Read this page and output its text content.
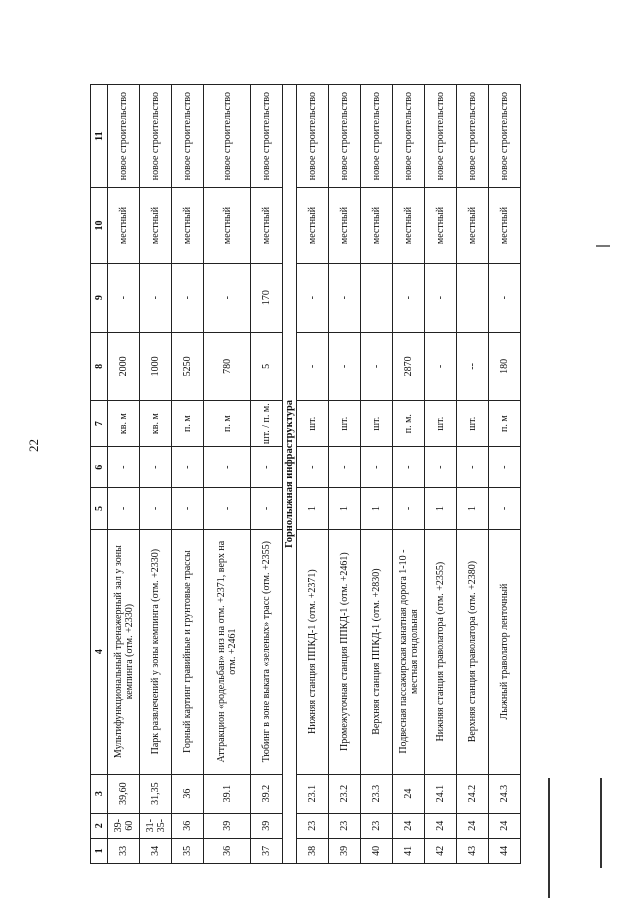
22
1	2	3	4	5	6	7	8	9	10	11
33	39-60	39,60	Мультифункциональный тренажерный зал у зоны кемпинга (отм. +2330)	-	-	кв. м	2000	-	местный	новое строительство
34	31-35-	31,35	Парк развлечений у зоны кемпинга (отм. +2330)	-	-	кв. м	1000	-	местный	новое строительство
35	36	36	Горный картинг гравийные и грунтовые трассы	-	-	п. м	5250	-	местный	новое строительство
36	39	39.1	Аттракцион «родельбан» низ на отм. +2371, верх на отм. +2461	-	-	п. м	780	-	местный	новое строительство
37	39	39.2	Тюбинг в зоне выката «зеленых» трасс (отм. +2355)	-	-	шт. / п. м.	5	170	местный	новое строительство
Горнолыжная инфраструктура										
38	23	23.1	Нижняя станция ППКД-1 (отм. +2371)	1	-	шт.	-	-	местный	новое строительство
39	23	23.2	Промежуточная станция ППКД-1 (отм. +2461)	1	-	шт.	-	-	местный	новое строительство
40	23	23.3	Верхняя станция ППКД-1 (отм. +2830)	1	-	шт.	-		местный	новое строительство
41	24	24	Подвесная пассажирская канатная дорога 1-10 - местная гондольная	-	-	п. м.	2870	-	местный	новое строительство
42	24	24.1	Нижняя станция траволатора (отм. +2355)	1	-	шт.	-	-	местный	новое строительство
43	24	24.2	Верхняя станция траволатора (отм. +2380)	1	-	шт.	--		местный	новое строительство
44	24	24.3	Лыжный траволатор ленточный	-	-	п. м	180	-	местный	новое строительство
